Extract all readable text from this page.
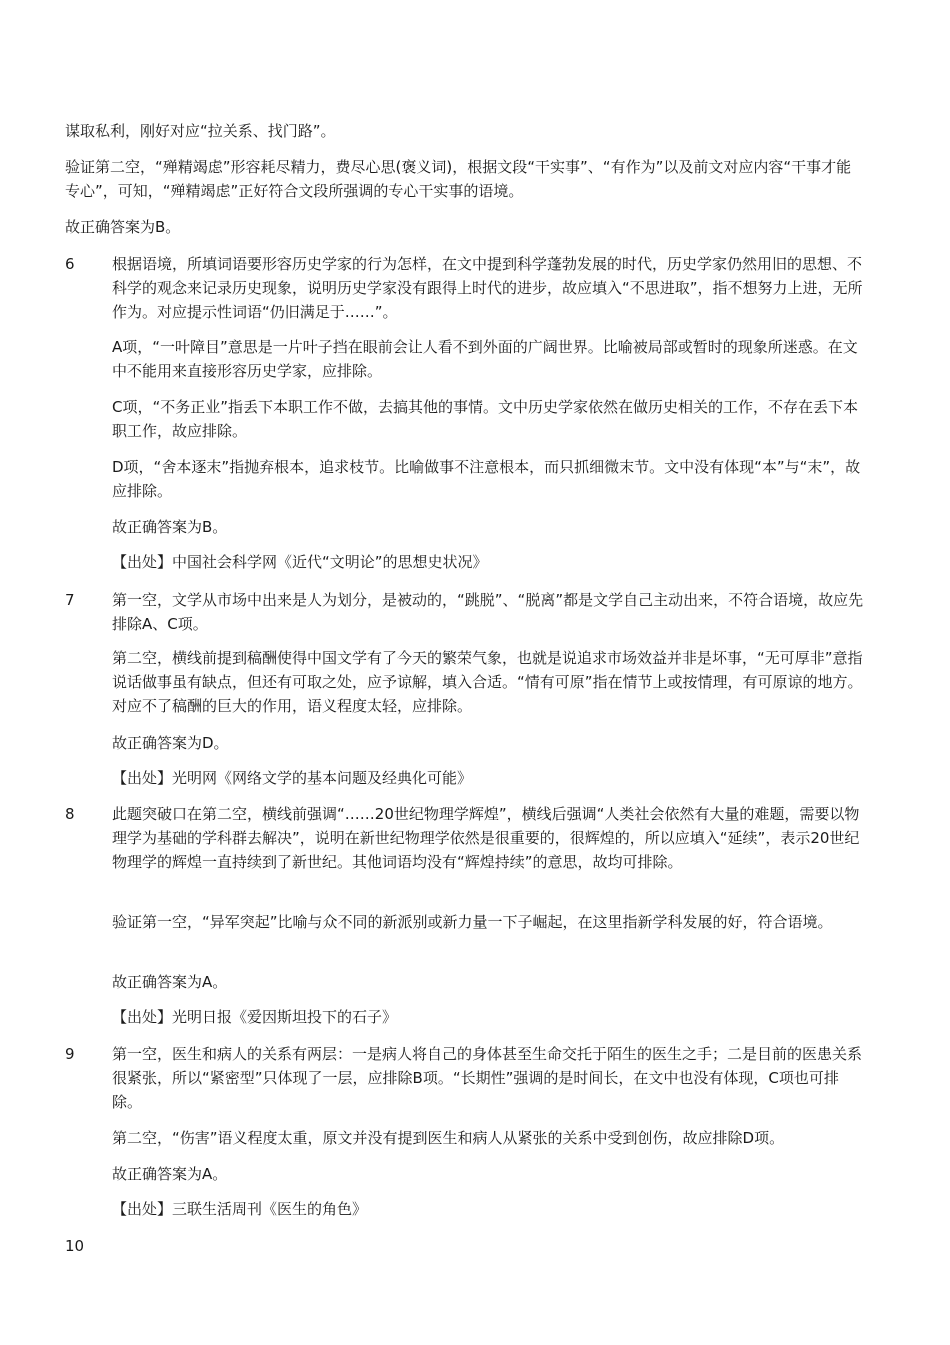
谋取私利，刚好对应“拉关系、找门路”。

验证第二空，“殚精竭虑”形容耗尽精力，费尽心思(褒义词)，根据文段“干实事”、“有作为”以及前文对应内容“干事才能专心”，可知，“殚精竭虑”正好符合文段所强调的专心干实事的语境。

故正确答案为B。

6	根据语境，所填词语要形容历史学家的行为怎样，在文中提到科学蓬勃发展的时代，历史学家仍然用旧的思想、不科学的观念来记录历史现象，说明历史学家没有跟得上时代的进步，故应填入“不思进取”，指不想努力上进，无所作为。对应提示性词语“仍旧满足于……”。

A项，“一叶障目”意思是一片叶子挡在眼前会让人看不到外面的广阔世界。比喻被局部或暂时的现象所迷惑。在文中不能用来直接形容历史学家，应排除。

C项，“不务正业”指丢下本职工作不做，去搞其他的事情。文中历史学家依然在做历史相关的工作，不存在丢下本职工作，故应排除。

D项，“舍本逐末”指抛弃根本，追求枝节。比喻做事不注意根本，而只抓细微末节。文中没有体现“本”与“末”，故应排除。

故正确答案为B。

【出处】中国社会科学网《近代“文明论”的思想史状况》

7	第一空，文学从市场中出来是人为划分，是被动的，“跳脱”、“脱离”都是文学自己主动出来，不符合语境，故应先排除A、C项。

第二空，横线前提到稿酬使得中国文学有了今天的繁荣气象，也就是说追求市场效益并非是坏事，“无可厚非”意指说话做事虽有缺点，但还有可取之处，应予谅解，填入合适。“情有可原”指在情节上或按情理，有可原谅的地方。对应不了稿酬的巨大的作用，语义程度太轻，应排除。

故正确答案为D。

【出处】光明网《网络文学的基本问题及经典化可能》

8	此题突破口在第二空，横线前强调“……20世纪物理学辉煌”，横线后强调“人类社会依然有大量的难题，需要以物理学为基础的学科群去解决”，说明在新世纪物理学依然是很重要的，很辉煌的，所以应填入“延续”，表示20世纪物理学的辉煌一直持续到了新世纪。其他词语均没有“辉煌持续”的意思，故均可排除。

验证第一空，“异军突起”比喻与众不同的新派别或新力量一下子崛起，在这里指新学科发展的好，符合语境。

故正确答案为A。

【出处】光明日报《爱因斯坦投下的石子》

9	第一空，医生和病人的关系有两层：一是病人将自己的身体甚至生命交托于陌生的医生之手；二是目前的医患关系很紧张，所以“紧密型”只体现了一层，应排除B项。“长期性”强调的是时间长，在文中也没有体现，C项也可排除。

第二空，“伤害”语义程度太重，原文并没有提到医生和病人从紧张的关系中受到创伤，故应排除D项。

故正确答案为A。

【出处】三联生活周刊《医生的角色》

10
